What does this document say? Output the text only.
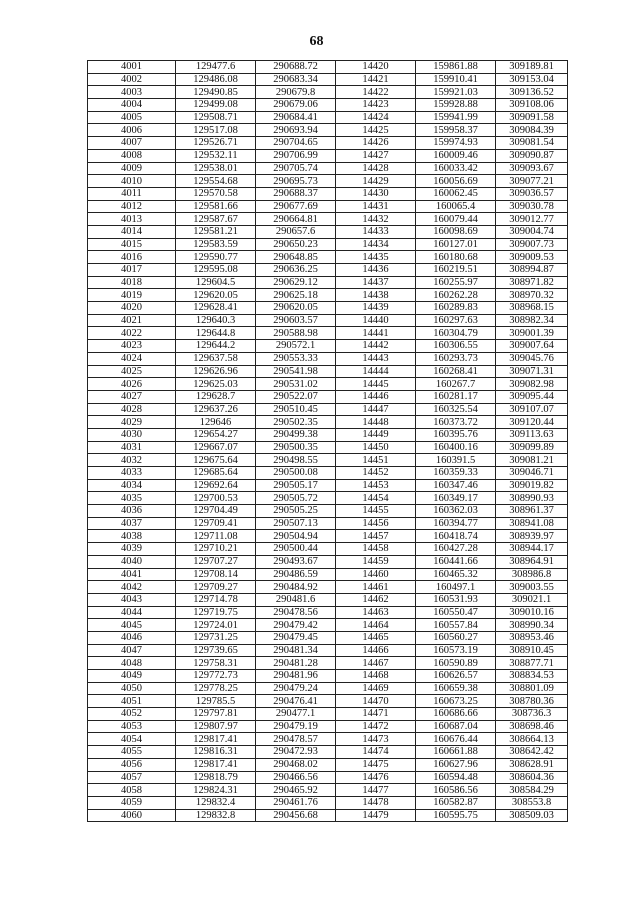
68
4001	129477.6	290688.72	14420	159861.88	309189.81
4002	129486.08	290683.34	14421	159910.41	309153.04
4003	129490.85	290679.8	14422	159921.03	309136.52
4004	129499.08	290679.06	14423	159928.88	309108.06
4005	129508.71	290684.41	14424	159941.99	309091.58
4006	129517.08	290693.94	14425	159958.37	309084.39
4007	129526.71	290704.65	14426	159974.93	309081.54
4008	129532.11	290706.99	14427	160009.46	309090.87
4009	129538.01	290705.74	14428	160033.42	309093.67
4010	129554.68	290695.73	14429	160056.69	309077.21
4011	129570.58	290688.37	14430	160062.45	309036.57
4012	129581.66	290677.69	14431	160065.4	309030.78
4013	129587.67	290664.81	14432	160079.44	309012.77
4014	129581.21	290657.6	14433	160098.69	309004.74
4015	129583.59	290650.23	14434	160127.01	309007.73
4016	129590.77	290648.85	14435	160180.68	309009.53
4017	129595.08	290636.25	14436	160219.51	308994.87
4018	129604.5	290629.12	14437	160255.97	308971.82
4019	129620.05	290625.18	14438	160262.28	308970.32
4020	129628.41	290620.05	14439	160289.83	308968.15
4021	129640.3	290603.57	14440	160297.63	308982.34
4022	129644.8	290588.98	14441	160304.79	309001.39
4023	129644.2	290572.1	14442	160306.55	309007.64
4024	129637.58	290553.33	14443	160293.73	309045.76
4025	129626.96	290541.98	14444	160268.41	309071.31
4026	129625.03	290531.02	14445	160267.7	309082.98
4027	129628.7	290522.07	14446	160281.17	309095.44
4028	129637.26	290510.45	14447	160325.54	309107.07
4029	129646	290502.35	14448	160373.72	309120.44
4030	129654.27	290499.38	14449	160395.76	309113.63
4031	129667.07	290500.35	14450	160400.16	309099.89
4032	129675.64	290498.55	14451	160391.5	309081.21
4033	129685.64	290500.08	14452	160359.33	309046.71
4034	129692.64	290505.17	14453	160347.46	309019.82
4035	129700.53	290505.72	14454	160349.17	308990.93
4036	129704.49	290505.25	14455	160362.03	308961.37
4037	129709.41	290507.13	14456	160394.77	308941.08
4038	129711.08	290504.94	14457	160418.74	308939.97
4039	129710.21	290500.44	14458	160427.28	308944.17
4040	129707.27	290493.67	14459	160441.66	308964.91
4041	129708.14	290486.59	14460	160465.32	308986.8
4042	129709.27	290484.92	14461	160497.1	309003.55
4043	129714.78	290481.6	14462	160531.93	309021.1
4044	129719.75	290478.56	14463	160550.47	309010.16
4045	129724.01	290479.42	14464	160557.84	308990.34
4046	129731.25	290479.45	14465	160560.27	308953.46
4047	129739.65	290481.34	14466	160573.19	308910.45
4048	129758.31	290481.28	14467	160590.89	308877.71
4049	129772.73	290481.96	14468	160626.57	308834.53
4050	129778.25	290479.24	14469	160659.38	308801.09
4051	129785.5	290476.41	14470	160673.25	308780.36
4052	129797.81	290477.1	14471	160686.66	308736.3
4053	129807.97	290479.19	14472	160687.04	308698.46
4054	129817.41	290478.57	14473	160676.44	308664.13
4055	129816.31	290472.93	14474	160661.88	308642.42
4056	129817.41	290468.02	14475	160627.96	308628.91
4057	129818.79	290466.56	14476	160594.48	308604.36
4058	129824.31	290465.92	14477	160586.56	308584.29
4059	129832.4	290461.76	14478	160582.87	308553.8
4060	129832.8	290456.68	14479	160595.75	308509.03
